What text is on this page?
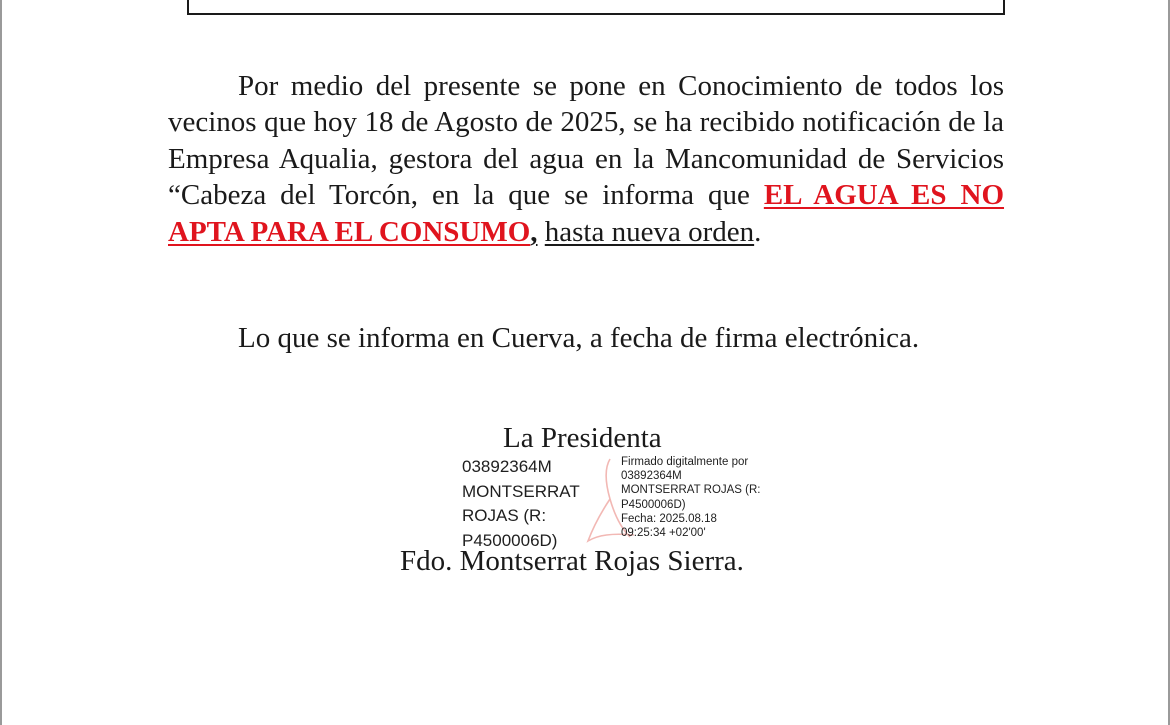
Por medio del presente se pone en Conocimiento de todos los vecinos que hoy 18 de Agosto de 2025, se ha recibido notificación de la Empresa Aqualia, gestora del agua en la Mancomunidad de Servicios “Cabeza del Torcón, en la que se informa que EL AGUA ES NO APTA PARA EL CONSUMO, hasta nueva orden.

Lo que se informa en Cuerva, a fecha de firma electrónica.

La Presidenta

03892364M
MONTSERRAT
ROJAS (R:
P4500006D)
Firmado digitalmente por
03892364M
MONTSERRAT ROJAS (R:
P4500006D)
Fecha: 2025.08.18
09:25:34 +02'00'

Fdo. Montserrat Rojas Sierra.
